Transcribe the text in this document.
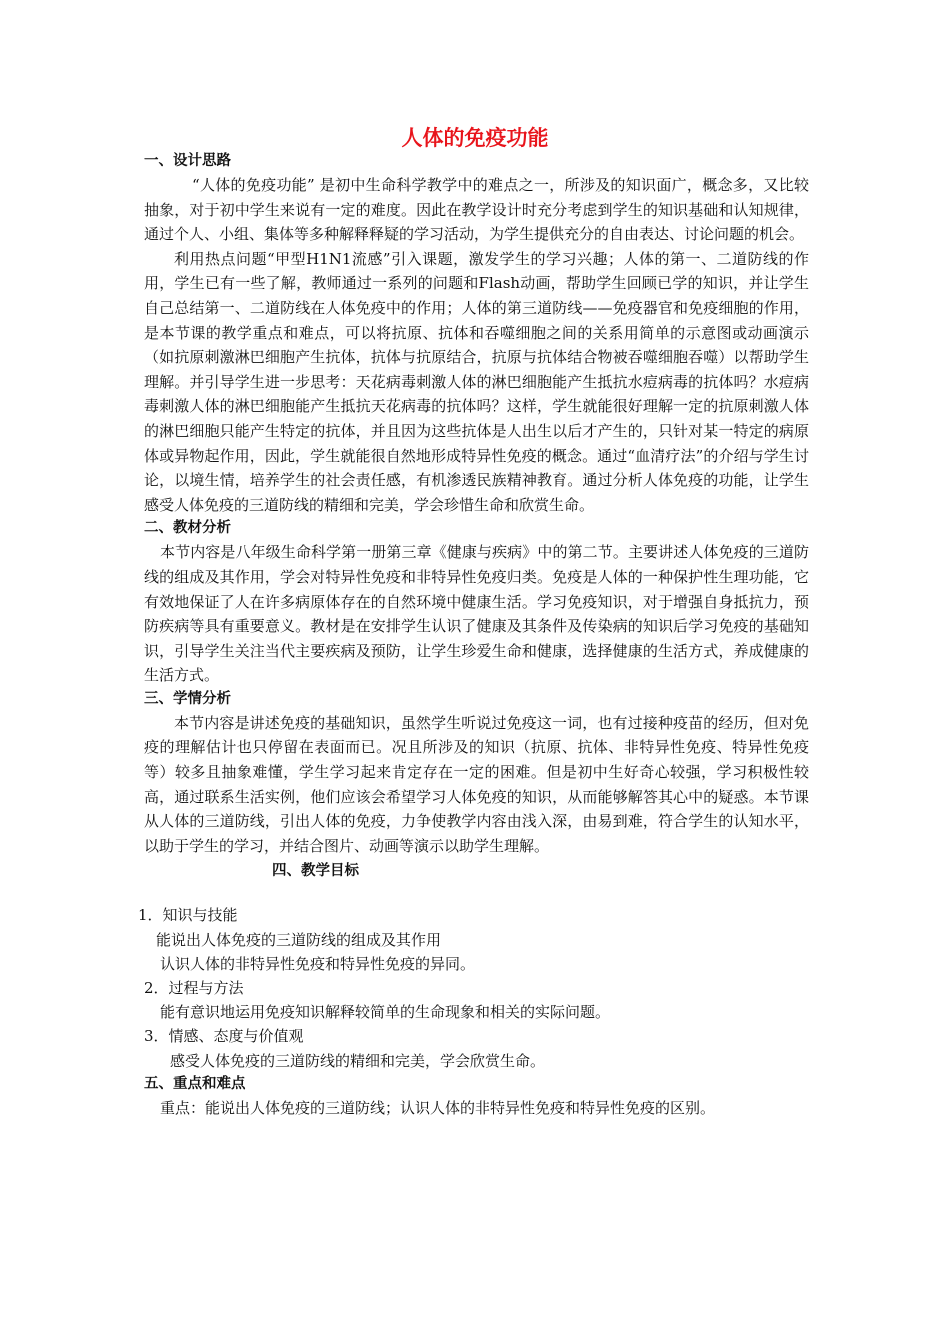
人体的免疫功能
一、设计思路

“人体的免疫功能” 是初中生命科学教学中的难点之一，所涉及的知识面广，概念多，又比较抽象，对于初中学生来说有一定的难度。因此在教学设计时充分考虑到学生的知识基础和认知规律，通过个人、小组、集体等多种解释释疑的学习活动，为学生提供充分的自由表达、讨论问题的机会。

利用热点问题“甲型H1N1流感”引入课题，激发学生的学习兴趣；人体的第一、二道防线的作用，学生已有一些了解，教师通过一系列的问题和Flash动画，帮助学生回顾已学的知识，并让学生自己总结第一、二道防线在人体免疫中的作用；人体的第三道防线——免疫器官和免疫细胞的作用，是本节课的教学重点和难点，可以将抗原、抗体和吞噬细胞之间的关系用简单的示意图或动画演示（如抗原刺激淋巴细胞产生抗体，抗体与抗原结合，抗原与抗体结合物被吞噬细胞吞噬）以帮助学生理解。并引导学生进一步思考：天花病毒刺激人体的淋巴细胞能产生抵抗水痘病毒的抗体吗？水痘病毒刺激人体的淋巴细胞能产生抵抗天花病毒的抗体吗？这样，学生就能很好理解一定的抗原刺激人体的淋巴细胞只能产生特定的抗体，并且因为这些抗体是人出生以后才产生的，只针对某一特定的病原体或异物起作用，因此，学生就能很自然地形成特异性免疫的概念。通过“血清疗法”的介绍与学生讨论，以境生情，培养学生的社会责任感，有机渗透民族精神教育。通过分析人体免疫的功能，让学生感受人体免疫的三道防线的精细和完美，学会珍惜生命和欣赏生命。

二、教材分析

本节内容是八年级生命科学第一册第三章《健康与疾病》中的第二节。主要讲述人体免疫的三道防线的组成及其作用，学会对特异性免疫和非特异性免疫归类。免疫是人体的一种保护性生理功能，它有效地保证了人在许多病原体存在的自然环境中健康生活。学习免疫知识，对于增强自身抵抗力，预防疾病等具有重要意义。教材是在安排学生认识了健康及其条件及传染病的知识后学习免疫的基础知识，引导学生关注当代主要疾病及预防，让学生珍爱生命和健康，选择健康的生活方式，养成健康的生活方式。

三、学情分析

本节内容是讲述免疫的基础知识，虽然学生听说过免疫这一词，也有过接种疫苗的经历，但对免疫的理解估计也只停留在表面而已。况且所涉及的知识（抗原、抗体、非特异性免疫、特异性免疫等）较多且抽象难懂，学生学习起来肯定存在一定的困难。但是初中生好奇心较强，学习积极性较高，通过联系生活实例，他们应该会希望学习人体免疫的知识，从而能够解答其心中的疑惑。本节课从人体的三道防线，引出人体的免疫，力争使教学内容由浅入深，由易到难，符合学生的认知水平，以助于学生的学习，并结合图片、动画等演示以助学生理解。

四、教学目标

1．知识与技能

能说出人体免疫的三道防线的组成及其作用

认识人体的非特异性免疫和特异性免疫的异同。

2．过程与方法

能有意识地运用免疫知识解释较简单的生命现象和相关的实际问题。

3．情感、态度与价值观

感受人体免疫的三道防线的精细和完美，学会欣赏生命。

五、重点和难点

重点：能说出人体免疫的三道防线；认识人体的非特异性免疫和特异性免疫的区别。
